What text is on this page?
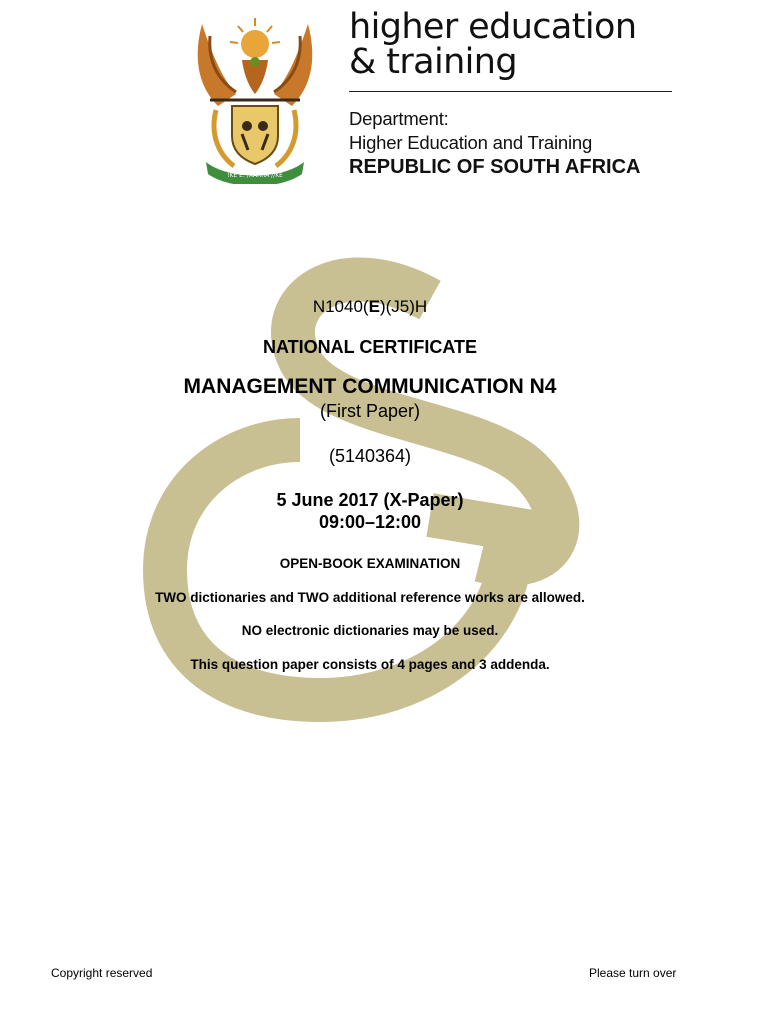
!KE E: /XARRA //KE
higher education
& training
Department:
Higher Education and Training
REPUBLIC OF SOUTH AFRICA
N1040(E)(J5)H
NATIONAL CERTIFICATE
MANAGEMENT COMMUNICATION N4
(First Paper)
(5140364)
5 June 2017 (X-Paper)
09:00–12:00
OPEN-BOOK EXAMINATION
TWO dictionaries and TWO additional reference works are allowed.
NO electronic dictionaries may be used.
This question paper consists of 4 pages and 3 addenda.
Copyright reserved	Please turn over
